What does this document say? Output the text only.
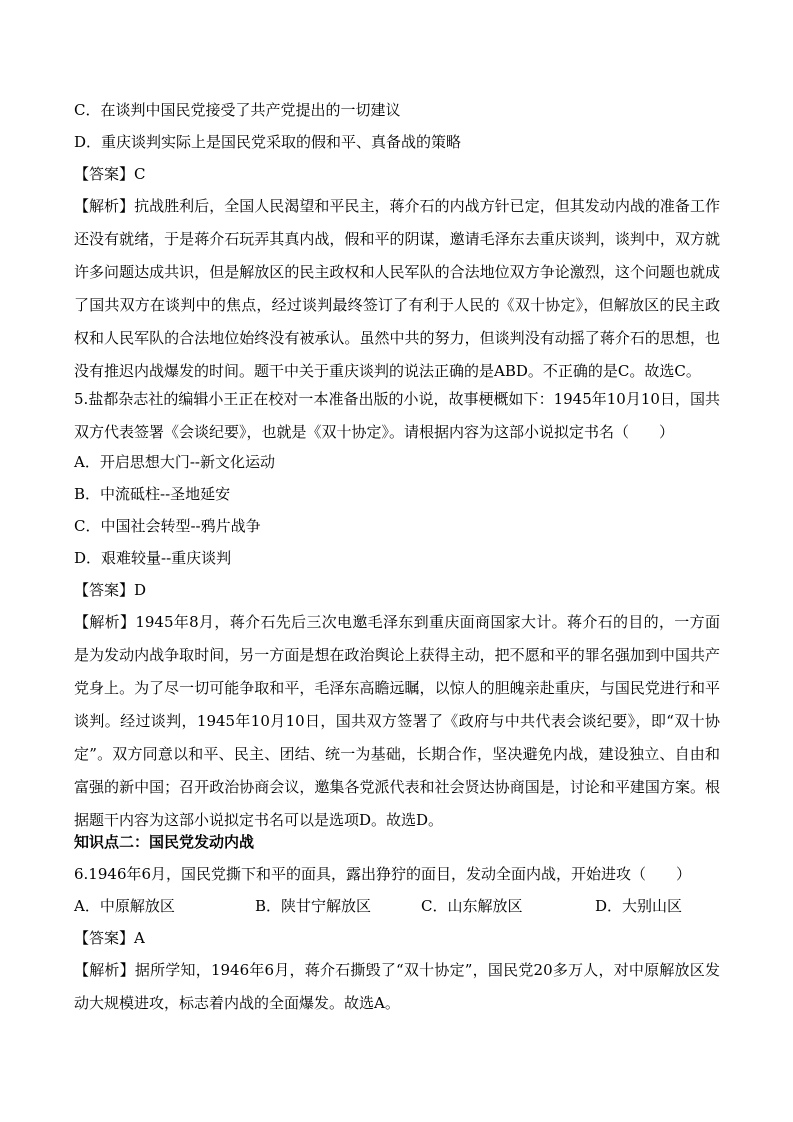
C．在谈判中国民党接受了共产党提出的一切建议
D．重庆谈判实际上是国民党采取的假和平、真备战的策略
【答案】C
【解析】抗战胜利后，全国人民渴望和平民主，蒋介石的内战方针已定，但其发动内战的准备工作还没有就绪，于是蒋介石玩弄其真内战，假和平的阴谋，邀请毛泽东去重庆谈判，谈判中，双方就许多问题达成共识，但是解放区的民主政权和人民军队的合法地位双方争论激烈，这个问题也就成了国共双方在谈判中的焦点，经过谈判最终签订了有利于人民的《双十协定》，但解放区的民主政权和人民军队的合法地位始终没有被承认。虽然中共的努力，但谈判没有动摇了蒋介石的思想，也没有推迟内战爆发的时间。题干中关于重庆谈判的说法正确的是ABD。不正确的是C。故选C。
5.盐都杂志社的编辑小王正在校对一本准备出版的小说，故事梗概如下：1945年10月10日，国共双方代表签署《会谈纪要》，也就是《双十协定》。请根据内容为这部小说拟定书名（　　）
A．开启思想大门--新文化运动
B．中流砥柱--圣地延安
C．中国社会转型--鸦片战争
D．艰难较量--重庆谈判
【答案】D
【解析】1945年8月，蒋介石先后三次电邀毛泽东到重庆面商国家大计。蒋介石的目的，一方面是为发动内战争取时间，另一方面是想在政治舆论上获得主动，把不愿和平的罪名强加到中国共产党身上。为了尽一切可能争取和平，毛泽东高瞻远瞩，以惊人的胆魄亲赴重庆，与国民党进行和平谈判。经过谈判，1945年10月10日，国共双方签署了《政府与中共代表会谈纪要》，即“双十协定”。双方同意以和平、民主、团结、统一为基础，长期合作，坚决避免内战，建设独立、自由和富强的新中国；召开政治协商会议，邀集各党派代表和社会贤达协商国是，讨论和平建国方案。根据题干内容为这部小说拟定书名可以是选项D。故选D。
知识点二：国民党发动内战
6.1946年6月，国民党撕下和平的面具，露出狰狞的面目，发动全面内战，开始进攻（　　）
A．中原解放区	B．陕甘宁解放区	C．山东解放区	D．大别山区
【答案】A
【解析】据所学知，1946年6月，蒋介石撕毁了“双十协定”，国民党20多万人，对中原解放区发动大规模进攻，标志着内战的全面爆发。故选A。
